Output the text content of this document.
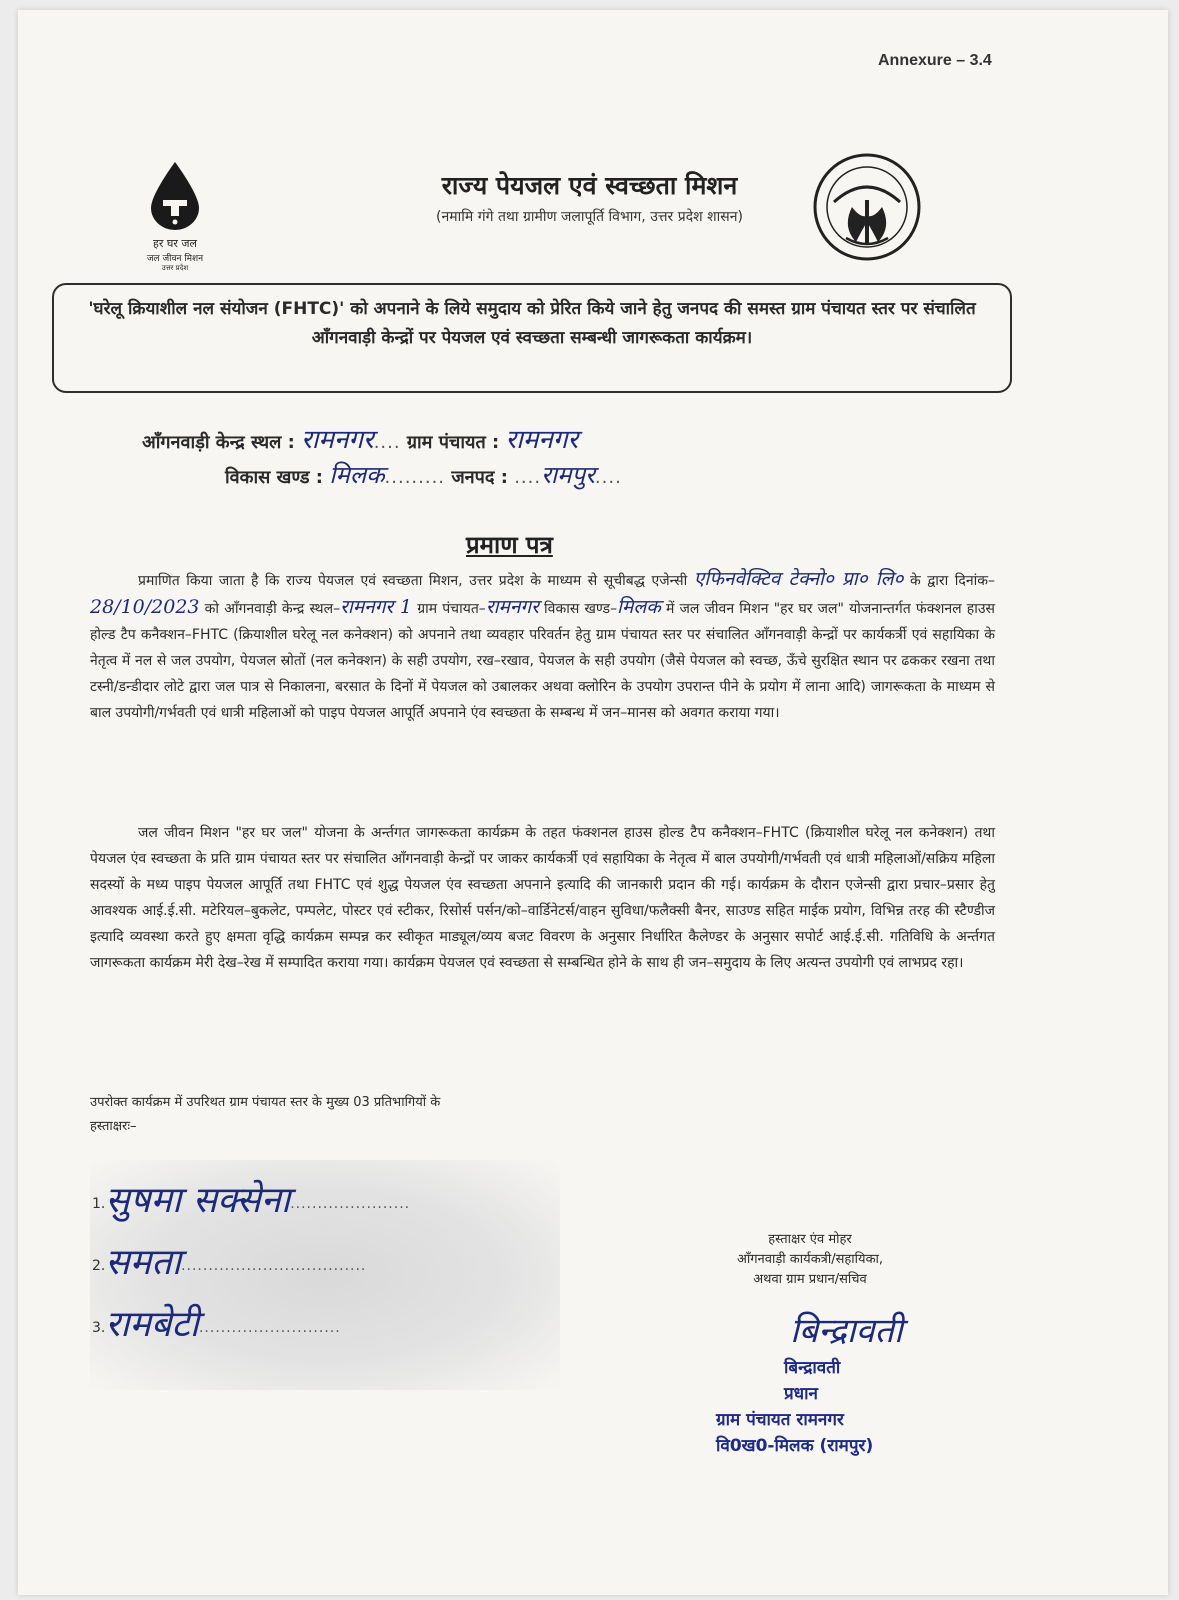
Annexure – 3.4
हर घर जल
जल जीवन मिशन
उत्तर प्रदेश
राज्य पेयजल एवं स्वच्छता मिशन
(नमामि गंगे तथा ग्रामीण जलापूर्ति विभाग, उत्तर प्रदेश शासन)
'घरेलू क्रियाशील नल संयोजन (FHTC)' को अपनाने के लिये समुदाय को प्रेरित किये जाने हेतु जनपद की समस्त ग्राम पंचायत स्तर पर संचालित आँगनवाड़ी केन्द्रों पर पेयजल एवं स्वच्छता सम्बन्धी जागरूकता कार्यक्रम।
आँगनवाड़ी केन्द्र स्थल : रामनगर.... ग्राम पंचायत : रामनगर
विकास खण्ड : मिलक......... जनपद : ....रामपुर....
प्रमाण पत्र
प्रमाणित किया जाता है कि राज्य पेयजल एवं स्वच्छता मिशन, उत्तर प्रदेश के माध्यम से सूचीबद्ध एजेन्सी एफिनवेक्टिव टेक्नो० प्रा० लि० के द्वारा दिनांक–28/10/2023 को आँगनवाड़ी केन्द्र स्थल–रामनगर 1 ग्राम पंचायत–रामनगर विकास खण्ड–मिलक में जल जीवन मिशन "हर घर जल" योजनान्तर्गत फंक्शनल हाउस होल्ड टैप कनैक्शन–FHTC (क्रियाशील घरेलू नल कनेक्शन) को अपनाने तथा व्यवहार परिवर्तन हेतु ग्राम पंचायत स्तर पर संचालित आँगनवाड़ी केन्द्रों पर कार्यकर्त्री एवं सहायिका के नेतृत्व में नल से जल उपयोग, पेयजल स्रोतों (नल कनेक्शन) के सही उपयोग, रख–रखाव, पेयजल के सही उपयोग (जैसे पेयजल को स्वच्छ, ऊँचे सुरक्षित स्थान पर ढककर रखना तथा टस्नी/डन्डीदार लोटे द्वारा जल पात्र से निकालना, बरसात के दिनों में पेयजल को उबालकर अथवा क्लोरिन के उपयोग उपरान्त पीने के प्रयोग में लाना आदि) जागरूकता के माध्यम से बाल उपयोगी/गर्भवती एवं धात्री महिलाओं को पाइप पेयजल आपूर्ति अपनाने एंव स्वच्छता के सम्बन्ध में जन–मानस को अवगत कराया गया।
जल जीवन मिशन "हर घर जल" योजना के अर्न्तगत जागरूकता कार्यक्रम के तहत फंक्शनल हाउस होल्ड टैप कनैक्शन–FHTC (क्रियाशील घरेलू नल कनेक्शन) तथा पेयजल एंव स्वच्छता के प्रति ग्राम पंचायत स्तर पर संचालित आँगनवाड़ी केन्द्रों पर जाकर कार्यकर्त्री एवं सहायिका के नेतृत्व में बाल उपयोगी/गर्भवती एवं धात्री महिलाओं/सक्रिय महिला सदस्यों के मध्य पाइप पेयजल आपूर्ति तथा FHTC एवं शुद्ध पेयजल एंव स्वच्छता अपनाने इत्यादि की जानकारी प्रदान की गई। कार्यक्रम के दौरान एजेन्सी द्वारा प्रचार–प्रसार हेतु आवश्यक आई.ई.सी. मटेरियल–बुकलेट, पम्पलेट, पोस्टर एवं स्टीकर, रिसोर्स पर्सन/को–वार्डिनेटर्स/वाहन सुविधा/फलैक्सी बैनर, साउण्ड सहित माईक प्रयोग, विभिन्न तरह की स्टैण्डीज इत्यादि व्यवस्था करते हुए क्षमता वृद्धि कार्यक्रम सम्पन्न कर स्वीकृत माड्यूल/व्यय बजट विवरण के अनुसार निर्धारित कैलेण्डर के अनुसार सपोर्ट आई.ई.सी. गतिविधि के अर्न्तगत जागरूकता कार्यक्रम मेरी देख–रेख में सम्पादित कराया गया। कार्यक्रम पेयजल एवं स्वच्छता से सम्बन्धित होने के साथ ही जन–समुदाय के लिए अत्यन्त उपयोगी एवं लाभप्रद रहा।
उपरोक्त कार्यक्रम में उपरिथत ग्राम पंचायत स्तर के मुख्य 03 प्रतिभागियों के
हस्ताक्षरः–
1.सुषमा सक्सेना......................
2.समता..................................
3.रामबेटी..........................
हस्ताक्षर एंव मोहर
आँगनवाड़ी कार्यकत्री/सहायिका,
अथवा ग्राम प्रधान/सचिव
बिन्द्रावती
बिन्द्रावती
प्रधान
ग्राम पंचायत रामनगर
वि0ख0-मिलक (रामपुर)
